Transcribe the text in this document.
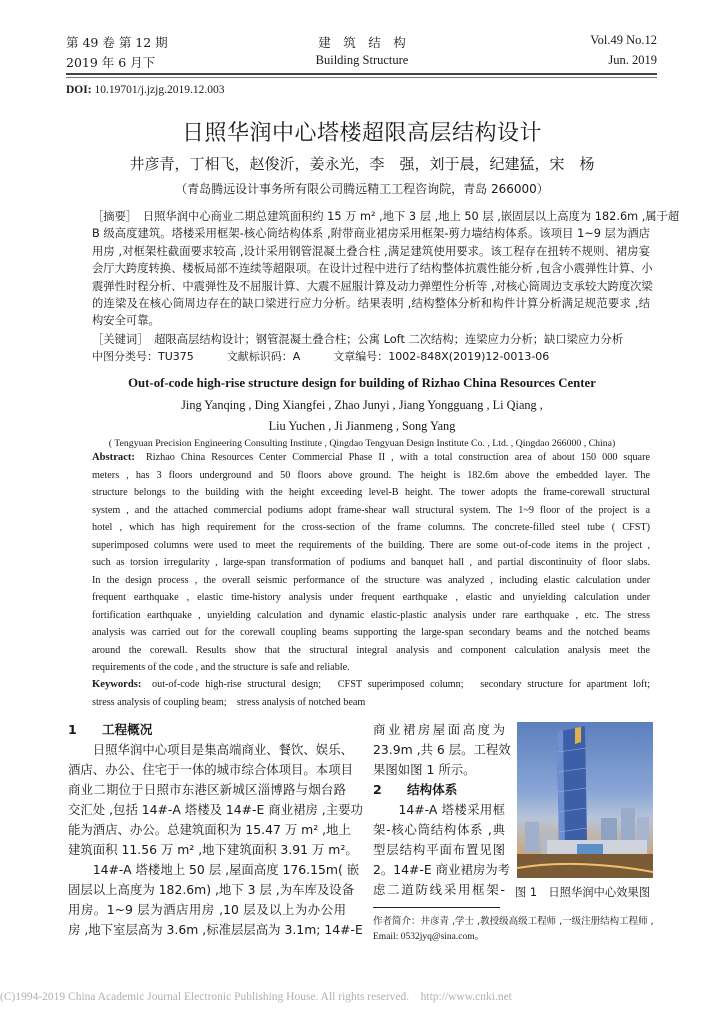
第 49 卷 第 12 期
2019 年 6 月下
建　筑　结　构
Building Structure
Vol.49 No.12
Jun. 2019
DOI: 10.19701/j.jzjg.2019.12.003
日照华润中心塔楼超限高层结构设计
井彦青，丁相飞，赵俊沂，姜永光，李　强，刘于晨，纪建猛，宋　杨
（青岛腾远设计事务所有限公司腾远精工工程咨询院，青岛 266000）
［摘要］　日照华润中心商业二期总建筑面积约 15 万 m² ,地下 3 层 ,地上 50 层 ,嵌固层以上高度为 182.6m ,属于超
B 级高度建筑。塔楼采用框架-核心筒结构体系 ,附带商业裙房采用框架-剪力墙结构体系。该项目 1~9 层为酒店
用房 ,对框架柱截面要求较高 ,设计采用钢管混凝土叠合柱 ,满足建筑使用要求。该工程存在扭转不规则、裙房宴
会厅大跨度转换、楼板局部不连续等超限项。在设计过程中进行了结构整体抗震性能分析 ,包含小震弹性计算、小
震弹性时程分析、中震弹性及不屈服计算、大震不屈服计算及动力弹塑性分析等 ,对核心筒周边支承较大跨度次梁
的连梁及在核心筒周边存在的缺口梁进行应力分析。结果表明 ,结构整体分析和构件计算分析满足规范要求 ,结
构安全可靠。
［关键词］　超限高层结构设计；钢管混凝土叠合柱；公寓 Loft 二次结构；连梁应力分析；缺口梁应力分析
中图分类号：TU375　　　文献标识码：A　　　文章编号：1002-848X(2019)12-0013-06
Out-of-code high-rise structure design for building of Rizhao China Resources Center
Jing Yanqing , Ding Xiangfei , Zhao Junyi , Jiang Yongguang , Li Qiang ,
Liu Yuchen , Ji Jianmeng , Song Yang
( Tengyuan Precision Engineering Consulting Institute , Qingdao Tengyuan Design Institute Co. , Ltd. , Qingdao 266000 , China)
Abstract:	Rizhao China Resources Center Commercial Phase II , with a total construction area of about 150 000 square
meters , has 3 floors underground and 50 floors above ground. The height is 182.6m above the embedded layer. The
structure belongs to the building with the height exceeding level-B height. The tower adopts the frame-corewall structural
system , and the attached commercial podiums adopt frame-shear wall structural system. The 1~9 floor of the project is a
hotel , which has high requirement for the cross-section of the frame columns. The concrete-filled steel tube ( CFST)
superimposed columns were used to meet the requirements of the building. There are some out-of-code items in the project ,
such as torsion irregularity , large-span transformation of podiums and banquet hall , and partial discontinuity of floor slabs.
In the design process , the overall seismic performance of the structure was analyzed , including elastic calculation under
frequent earthquake , elastic time-history analysis under frequent earthquake , elastic and unyielding calculation under
fortification earthquake , unyielding calculation and dynamic elastic-plastic analysis under rare earthquake , etc. The stress
analysis was carried out for the corewall coupling beams supporting the large-span secondary beams and the notched beams
around the corewall. Results show that the structural integral analysis and component calculation analysis meet the
requirements of the code , and the structure is safe and reliable.
Keywords:	out-of-code high-rise structural design;　CFST superimposed column;　secondary structure for apartment loft;
stress analysis of coupling beam;　stress analysis of notched beam
1　　工程概况
　　日照华润中心项目是集高端商业、餐饮、娱乐、
酒店、办公、住宅于一体的城市综合体项目。本项目
商业二期位于日照市东港区新城区淄博路与烟台路
交汇处 ,包括 14#-A 塔楼及 14#-E 商业裙房 ,主要功
能为酒店、办公。总建筑面积为 15.47 万 m² ,地上
建筑面积 11.56 万 m² ,地下建筑面积 3.91 万 m²。
　　14#-A 塔楼地上 50 层 ,屋面高度 176.15m( 嵌
固层以上高度为 182.6m) ,地下 3 层 ,为车库及设备
用房。1~9 层为酒店用房 ,10 层及以上为办公用
房 ,地下室层高为 3.6m ,标准层层高为 3.1m; 14#-E
商业裙房屋面高度为
23.9m ,共 6 层。工程效
果图如图 1 所示。
2　　结构体系
　　14#-A 塔楼采用框
架-核心筒结构体系 ,典
型层结构平面布置见图
2。14#-E 商业裙房为考
虑二道防线采用框架- 图 1　日照华润中心效果图
作者简介：井彦青 ,学士 ,教授级高级工程师 ,一级注册结构工程师 ,
Email: 0532jyq@sina.com。
(C)1994-2019 China Academic Journal Electronic Publishing House. All rights reserved.　http://www.cnki.net
